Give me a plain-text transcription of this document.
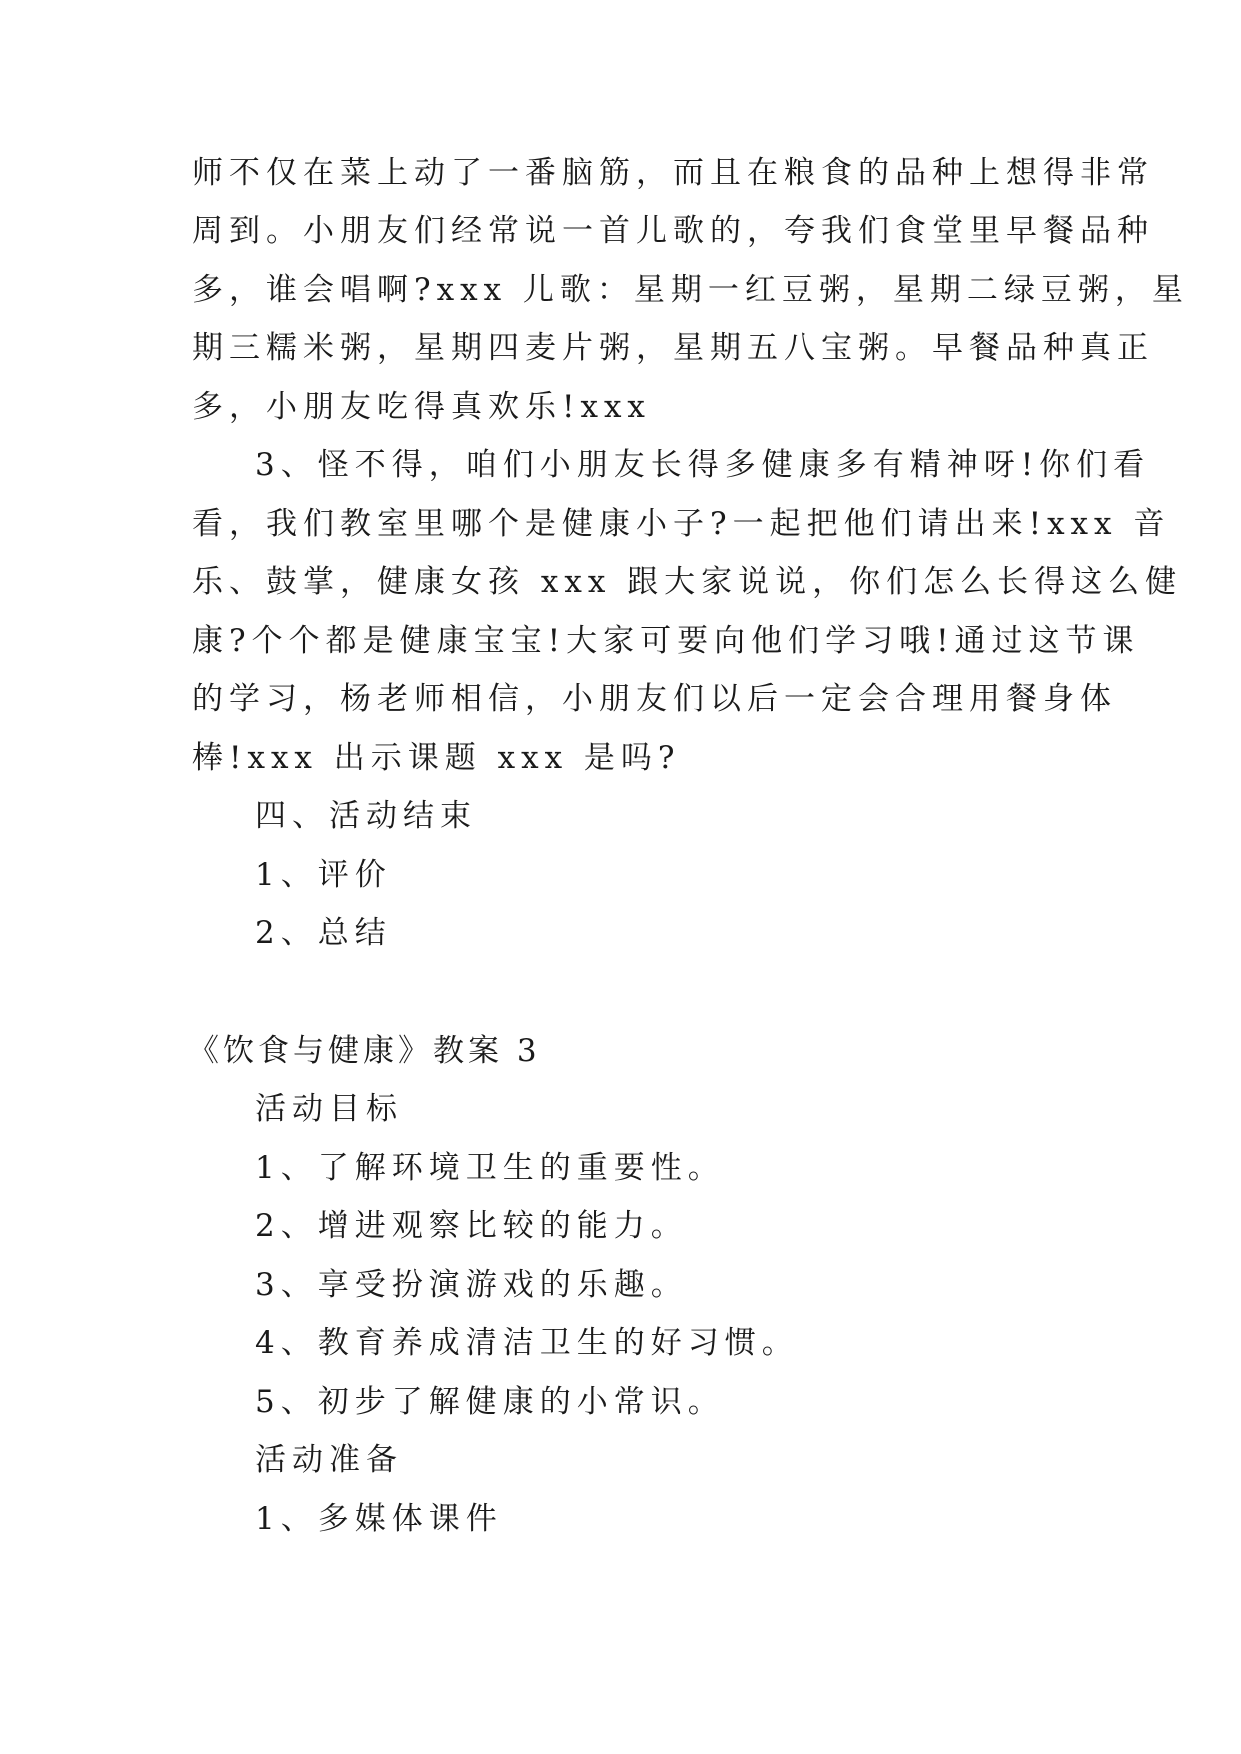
师不仅在菜上动了一番脑筋，而且在粮食的品种上想得非常
周到。小朋友们经常说一首儿歌的，夸我们食堂里早餐品种
多，谁会唱啊?xxx 儿歌：星期一红豆粥，星期二绿豆粥，星
期三糯米粥，星期四麦片粥，星期五八宝粥。早餐品种真正
多，小朋友吃得真欢乐!xxx
3、怪不得，咱们小朋友长得多健康多有精神呀!你们看
看，我们教室里哪个是健康小子?一起把他们请出来!xxx 音
乐、鼓掌，健康女孩 xxx 跟大家说说，你们怎么长得这么健
康?个个都是健康宝宝!大家可要向他们学习哦!通过这节课
的学习，杨老师相信，小朋友们以后一定会合理用餐身体
棒!xxx 出示课题 xxx 是吗?
四、活动结束
1、评价
2、总结
《饮食与健康》教案 3
活动目标
1、了解环境卫生的重要性。
2、增进观察比较的能力。
3、享受扮演游戏的乐趣。
4、教育养成清洁卫生的好习惯。
5、初步了解健康的小常识。
活动准备
1、多媒体课件
